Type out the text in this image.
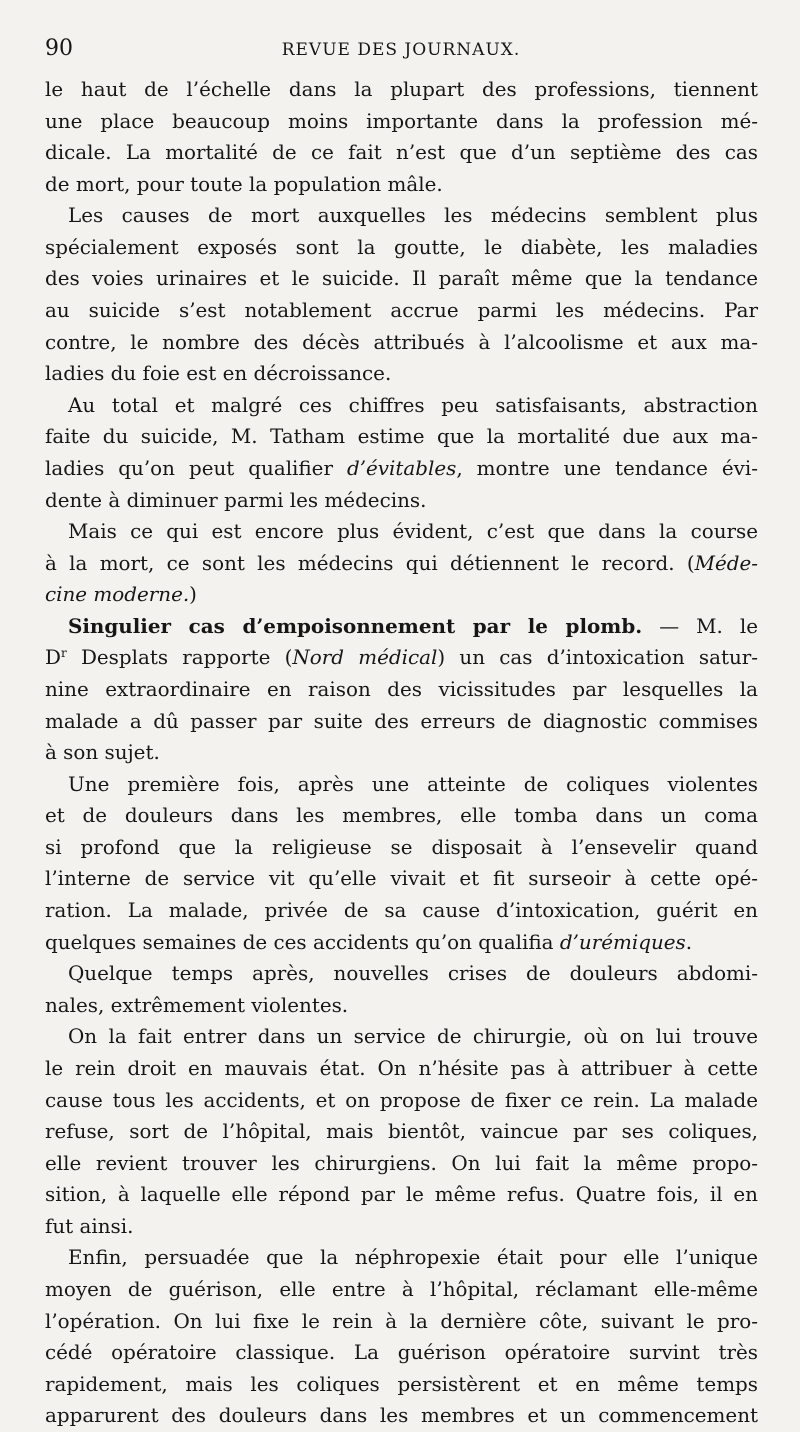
90	REVUE DES JOURNAUX.
le haut de l’échelle dans la plupart des professions, tiennent
une place beaucoup moins importante dans la profession mé-
dicale. La mortalité de ce fait n’est que d’un septième des cas
de mort, pour toute la population mâle.
Les causes de mort auxquelles les médecins semblent plus
spécialement exposés sont la goutte, le diabète, les maladies
des voies urinaires et le suicide. Il paraît même que la tendance
au suicide s’est notablement accrue parmi les médecins. Par
contre, le nombre des décès attribués à l’alcoolisme et aux ma-
ladies du foie est en décroissance.
Au total et malgré ces chiffres peu satisfaisants, abstraction
faite du suicide, M. Tatham estime que la mortalité due aux ma-
ladies qu’on peut qualifier d’évitables, montre une tendance évi-
dente à diminuer parmi les médecins.
Mais ce qui est encore plus évident, c’est que dans la course
à la mort, ce sont les médecins qui détiennent le record. (Méde-
cine moderne.)
Singulier cas d’empoisonnement par le plomb. — M. le
$D^r$ Desplats rapporte (Nord médical) un cas d’intoxication satur-
nine extraordinaire en raison des vicissitudes par lesquelles la
malade a dû passer par suite des erreurs de diagnostic commises
à son sujet.
Une première fois, après une atteinte de coliques violentes
et de douleurs dans les membres, elle tomba dans un coma
si profond que la religieuse se disposait à l’ensevelir quand
l’interne de service vit qu’elle vivait et fit surseoir à cette opé-
ration. La malade, privée de sa cause d’intoxication, guérit en
quelques semaines de ces accidents qu’on qualifia d’urémiques.
Quelque temps après, nouvelles crises de douleurs abdomi-
nales, extrêmement violentes.
On la fait entrer dans un service de chirurgie, où on lui trouve
le rein droit en mauvais état. On n’hésite pas à attribuer à cette
cause tous les accidents, et on propose de fixer ce rein. La malade
refuse, sort de l’hôpital, mais bientôt, vaincue par ses coliques,
elle revient trouver les chirurgiens. On lui fait la même propo-
sition, à laquelle elle répond par le même refus. Quatre fois, il en
fut ainsi.
Enfin, persuadée que la néphropexie était pour elle l’unique
moyen de guérison, elle entre à l’hôpital, réclamant elle-même
l’opération. On lui fixe le rein à la dernière côte, suivant le pro-
cédé opératoire classique. La guérison opératoire survint très
rapidement, mais les coliques persistèrent et en même temps
apparurent des douleurs dans les membres et un commencement
